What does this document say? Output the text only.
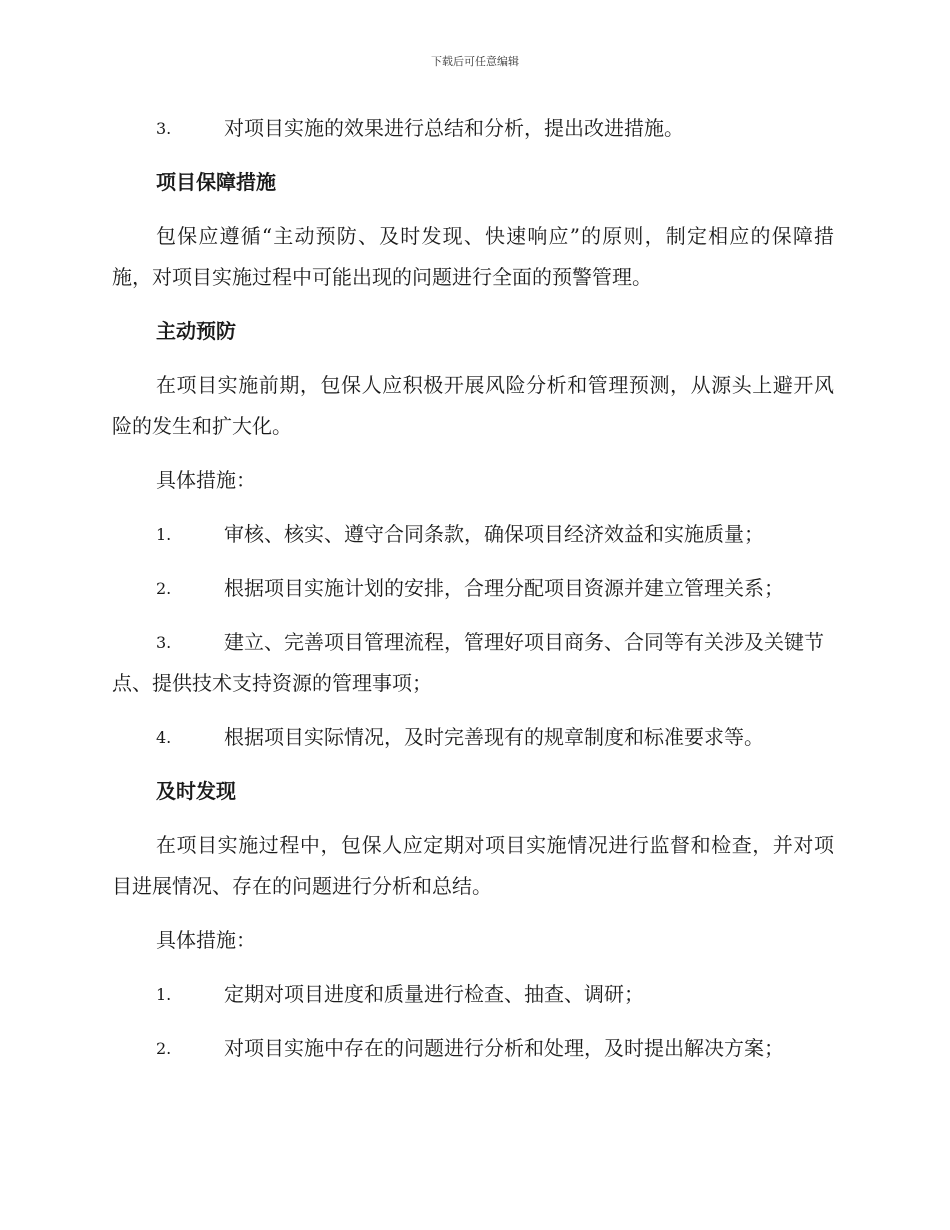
下载后可任意编辑

3.	对项目实施的效果进行总结和分析，提出改进措施。

项目保障措施

包保应遵循“主动预防、及时发现、快速响应”的原则，制定相应的保障措施，对项目实施过程中可能出现的问题进行全面的预警管理。

主动预防

在项目实施前期，包保人应积极开展风险分析和管理预测，从源头上避开风险的发生和扩大化。

具体措施：

1.	审核、核实、遵守合同条款，确保项目经济效益和实施质量；

2.	根据项目实施计划的安排，合理分配项目资源并建立管理关系；

3.	建立、完善项目管理流程，管理好项目商务、合同等有关涉及关键节点、提供技术支持资源的管理事项；

4.	根据项目实际情况，及时完善现有的规章制度和标准要求等。

及时发现

在项目实施过程中，包保人应定期对项目实施情况进行监督和检查，并对项目进展情况、存在的问题进行分析和总结。

具体措施：

1.	定期对项目进度和质量进行检查、抽查、调研；

2.	对项目实施中存在的问题进行分析和处理，及时提出解决方案；
